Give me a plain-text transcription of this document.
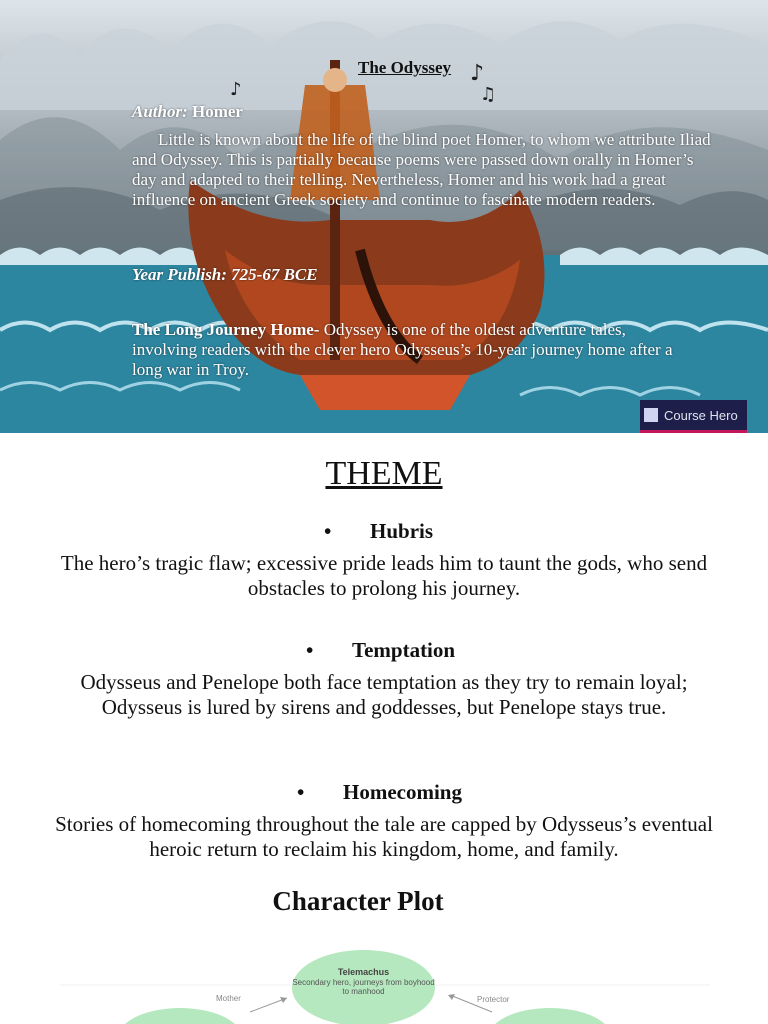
♪
♫
♪
The Odyssey
Author: Homer
Little is known about the life of the blind poet Homer, to whom we attribute Iliad and Odyssey. This is partially because poems were passed down orally in Homer’s day and adapted to their telling. Nevertheless, Homer and his work had a great influence on ancient Greek society and continue to fascinate modern readers.
Year Publish: 725-67 BCE
The Long Journey Home- Odyssey is one of the oldest adventure tales, involving readers with the clever hero Odysseus’s 10-year journey home after a long war in Troy.
Course Hero
THEME
• Hubris
The hero’s tragic flaw; excessive pride leads him to taunt the gods, who send obstacles to prolong his journey.
• Temptation
Odysseus and Penelope both face temptation as they try to remain loyal; Odysseus is lured by sirens and goddesses, but Penelope stays true.
• Homecoming
Stories of homecoming throughout the tale are capped by Odysseus’s eventual heroic return to reclaim his kingdom, home, and family.
Character Plot
Mother	Protector
Telemachus
Secondary hero, journeys from boyhood to manhood
